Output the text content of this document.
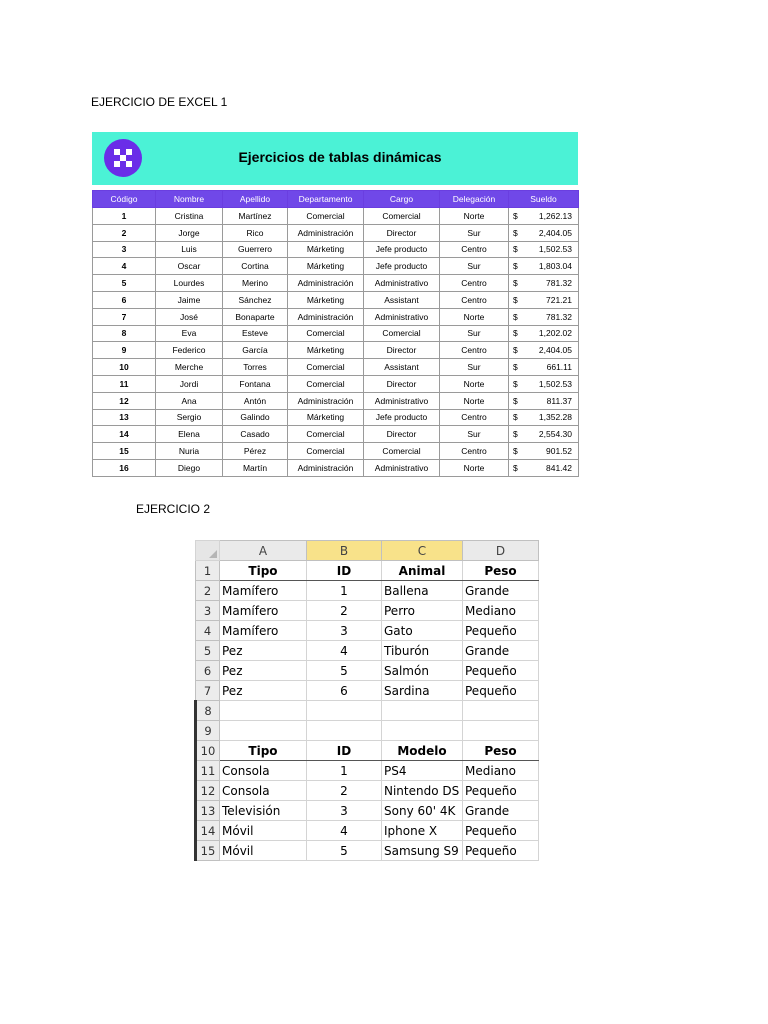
EJERCICIO DE EXCEL 1
Ejercicios de tablas dinámicas
Código	Nombre	Apellido	Departamento	Cargo	Delegación	Sueldo	
1	Cristina	Martínez	Comercial	Comercial	Norte	$	1,262.13
2	Jorge	Rico	Administración	Director	Sur	$	2,404.05
3	Luis	Guerrero	Márketing	Jefe producto	Centro	$	1,502.53
4	Oscar	Cortina	Márketing	Jefe producto	Sur	$	1,803.04
5	Lourdes	Merino	Administración	Administrativo	Centro	$	781.32
6	Jaime	Sánchez	Márketing	Assistant	Centro	$	721.21
7	José	Bonaparte	Administración	Administrativo	Norte	$	781.32
8	Eva	Esteve	Comercial	Comercial	Sur	$	1,202.02
9	Federico	García	Márketing	Director	Centro	$	2,404.05
10	Merche	Torres	Comercial	Assistant	Sur	$	661.11
11	Jordi	Fontana	Comercial	Director	Norte	$	1,502.53
12	Ana	Antón	Administración	Administrativo	Norte	$	811.37
13	Sergio	Galindo	Márketing	Jefe producto	Centro	$	1,352.28
14	Elena	Casado	Comercial	Director	Sur	$	2,554.30
15	Nuria	Pérez	Comercial	Comercial	Centro	$	901.52
16	Diego	Martín	Administración	Administrativo	Norte	$	841.42
EJERCICIO 2
	A	B	C	D
1	Tipo	ID	Animal	Peso
2	Mamífero	1	Ballena	Grande
3	Mamífero	2	Perro	Mediano
4	Mamífero	3	Gato	Pequeño
5	Pez	4	Tiburón	Grande
6	Pez	5	Salmón	Pequeño
7	Pez	6	Sardina	Pequeño
8				
9				
10	Tipo	ID	Modelo	Peso
11	Consola	1	PS4	Mediano
12	Consola	2	Nintendo DS	Pequeño
13	Televisión	3	Sony 60' 4K	Grande
14	Móvil	4	Iphone X	Pequeño
15	Móvil	5	Samsung S9	Pequeño
